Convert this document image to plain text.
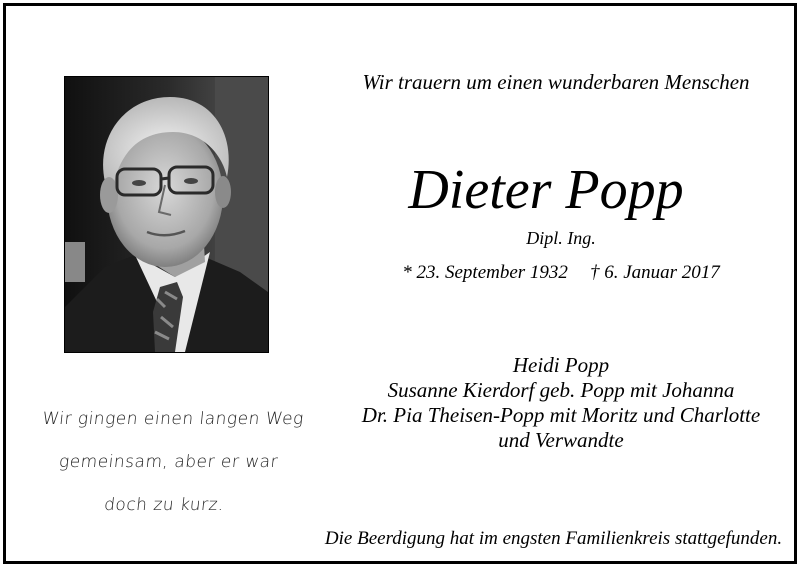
Wir trauern um einen wunderbaren Menschen
Dieter Popp
Dipl. Ing.
* 23. September 1932 † 6. Januar 2017
Heidi Popp
Susanne Kierdorf geb. Popp mit Johanna
Dr. Pia Theisen-Popp mit Moritz und Charlotte
und Verwandte
Wir gingen einen langen Weg
gemeinsam, aber er war
doch zu kurz.
Die Beerdigung hat im engsten Familienkreis stattgefunden.
